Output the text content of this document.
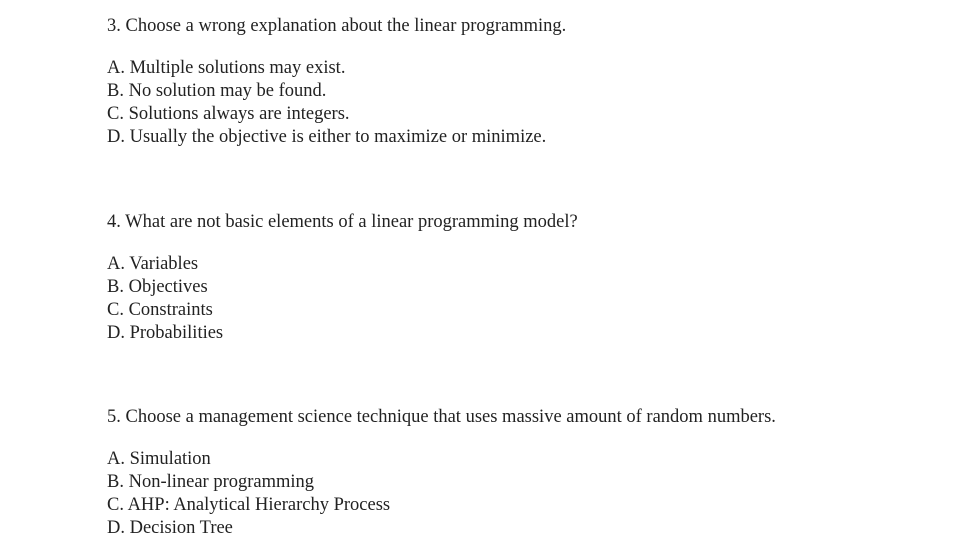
3. Choose a wrong explanation about the linear programming.
A. Multiple solutions may exist.
B. No solution may be found.
C. Solutions always are integers.
D. Usually the objective is either to maximize or minimize.
4. What are not basic elements of a linear programming model?
A. Variables
B. Objectives
C. Constraints
D. Probabilities
5. Choose a management science technique that uses massive amount of random numbers.
A. Simulation
B. Non-linear programming
C. AHP: Analytical Hierarchy Process
D. Decision Tree
